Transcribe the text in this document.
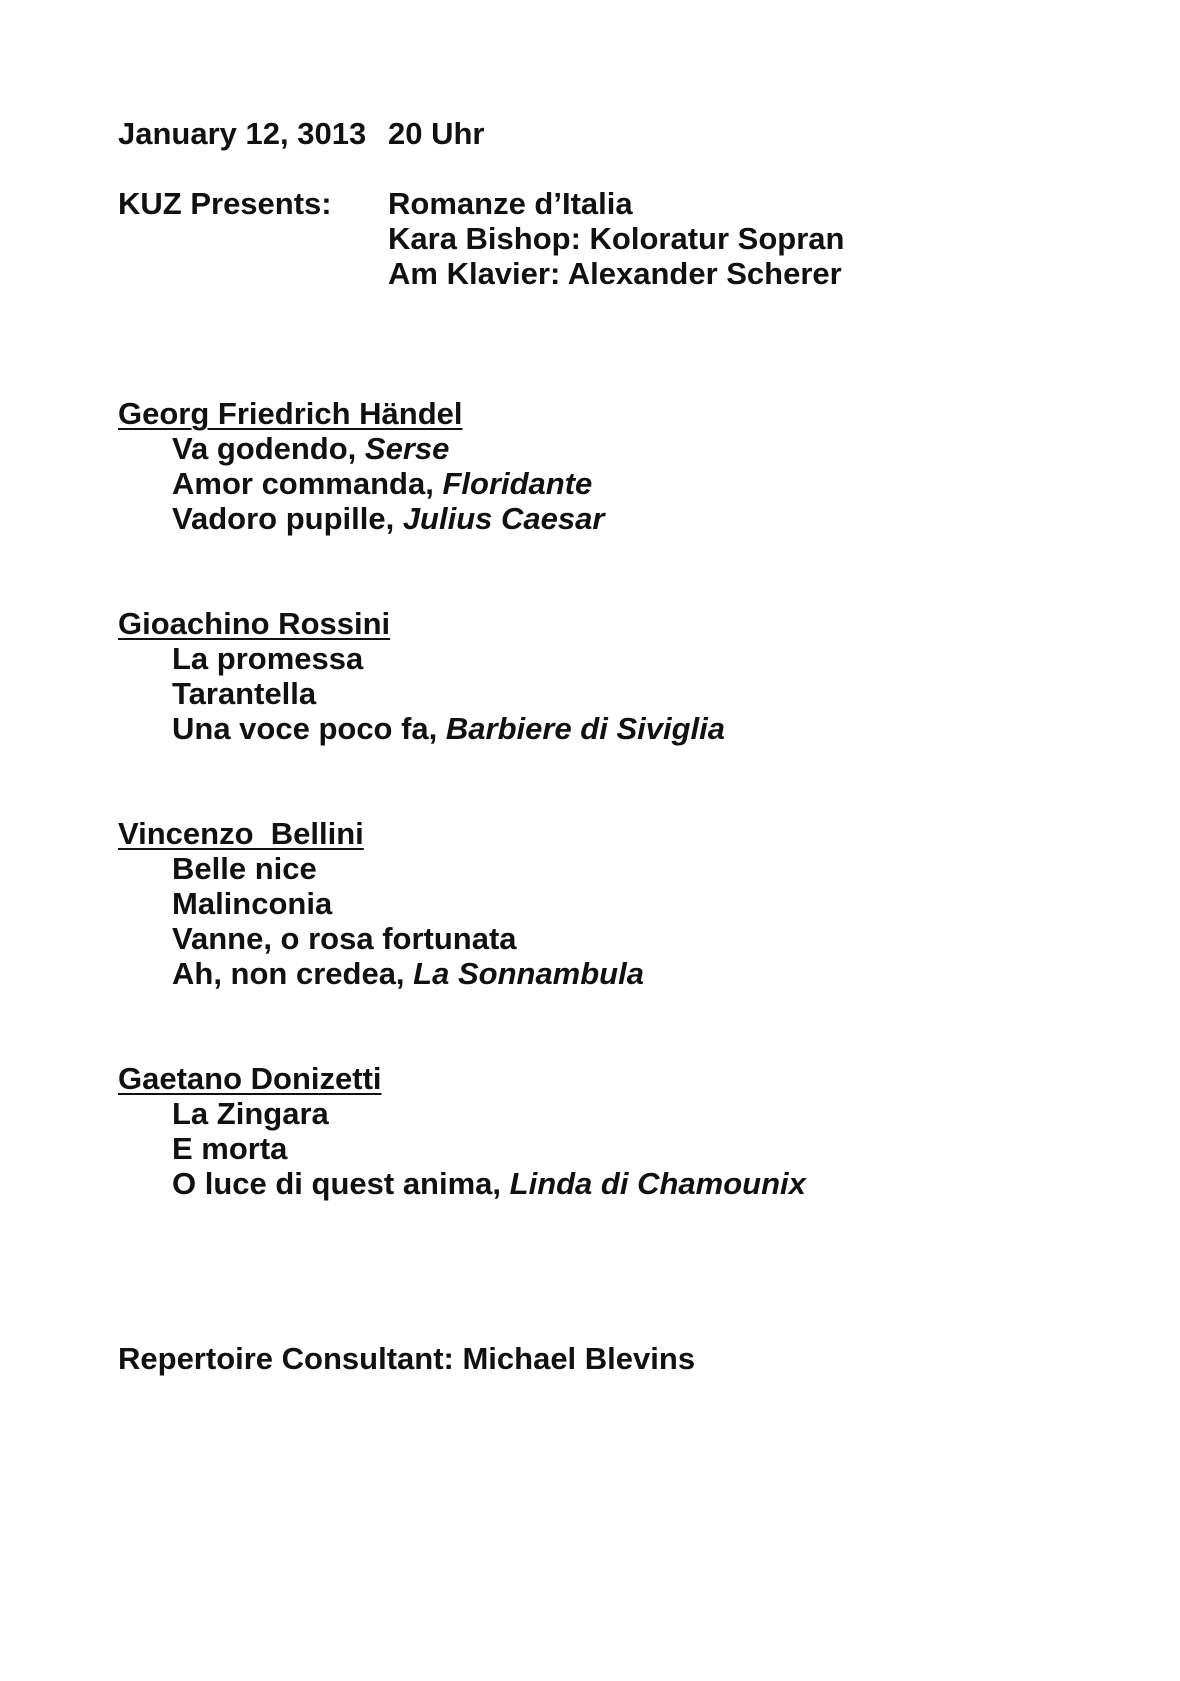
January 12, 3013 20 Uhr
KUZ Presents: Romanze d’Italia
Kara Bishop: Koloratur Sopran
Am Klavier: Alexander Scherer
Georg Friedrich Händel
Va godendo, Serse
Amor commanda, Floridante
Vadoro pupille, Julius Caesar
Gioachino Rossini
La promessa
Tarantella
Una voce poco fa, Barbiere di Siviglia
Vincenzo  Bellini
Belle nice
Malinconia
Vanne, o rosa fortunata
Ah, non credea, La Sonnambula
Gaetano Donizetti
La Zingara
E morta
O luce di quest anima, Linda di Chamounix
Repertoire Consultant: Michael Blevins
